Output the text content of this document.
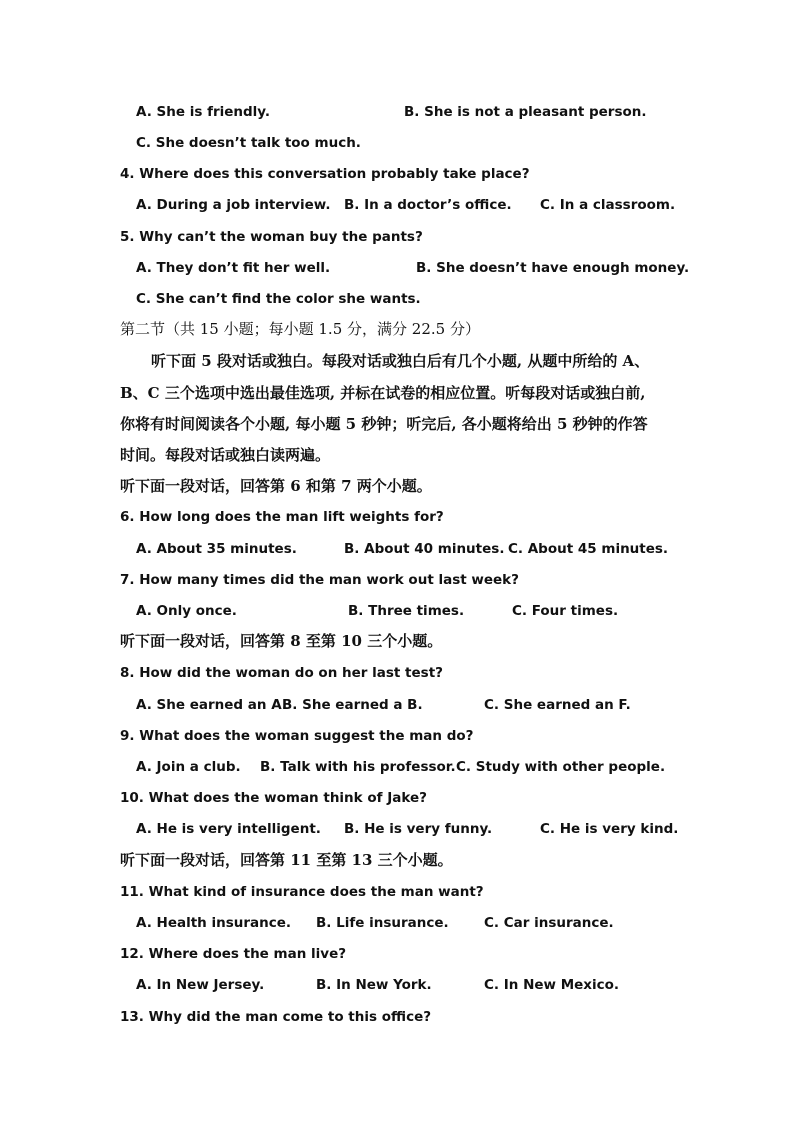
A. She is friendly.	B. She is not a pleasant person.
C. She doesn’t talk too much.
4. Where does this conversation probably take place?
A. During a job interview. B. In a doctor’s office. C. In a classroom.
5. Why can’t the woman buy the pants?
A. They don’t fit her well.	B. She doesn’t have enough money.
C. She can’t find the color she wants.
第二节（共 15 小题；每小题 1.5 分，满分 22.5 分）
听下面 5 段对话或独白。每段对话或独白后有几个小题, 从题中所给的 A、
B、C 三个选项中选出最佳选项, 并标在试卷的相应位置。听每段对话或独白前,
你将有时间阅读各个小题, 每小题 5 秒钟；听完后, 各小题将给出 5 秒钟的作答
时间。每段对话或独白读两遍。
听下面一段对话，回答第 6 和第 7 两个小题。
6. How long does the man lift weights for?
A. About 35 minutes.	B. About 40 minutes. C. About 45 minutes.
7. How many times did the man work out last week?
A. Only once.	B. Three times.	C. Four times.
听下面一段对话，回答第 8 至第 10 三个小题。
8. How did the woman do on her last test?
A. She earned an A.
B. She earned a B.	C. She earned an F.
9. What does the woman suggest the man do?
A. Join a club. B. Talk with his professor. C. Study with other people.
10. What does the woman think of Jake?
A. He is very intelligent. B. He is very funny.	C. He is very kind.
听下面一段对话，回答第 11 至第 13 三个小题。
11. What kind of insurance does the man want?
A. Health insurance. B. Life insurance.	C. Car insurance.
12. Where does the man live?
A. In New Jersey.	B. In New York.	C. In New Mexico.
13. Why did the man come to this office?
